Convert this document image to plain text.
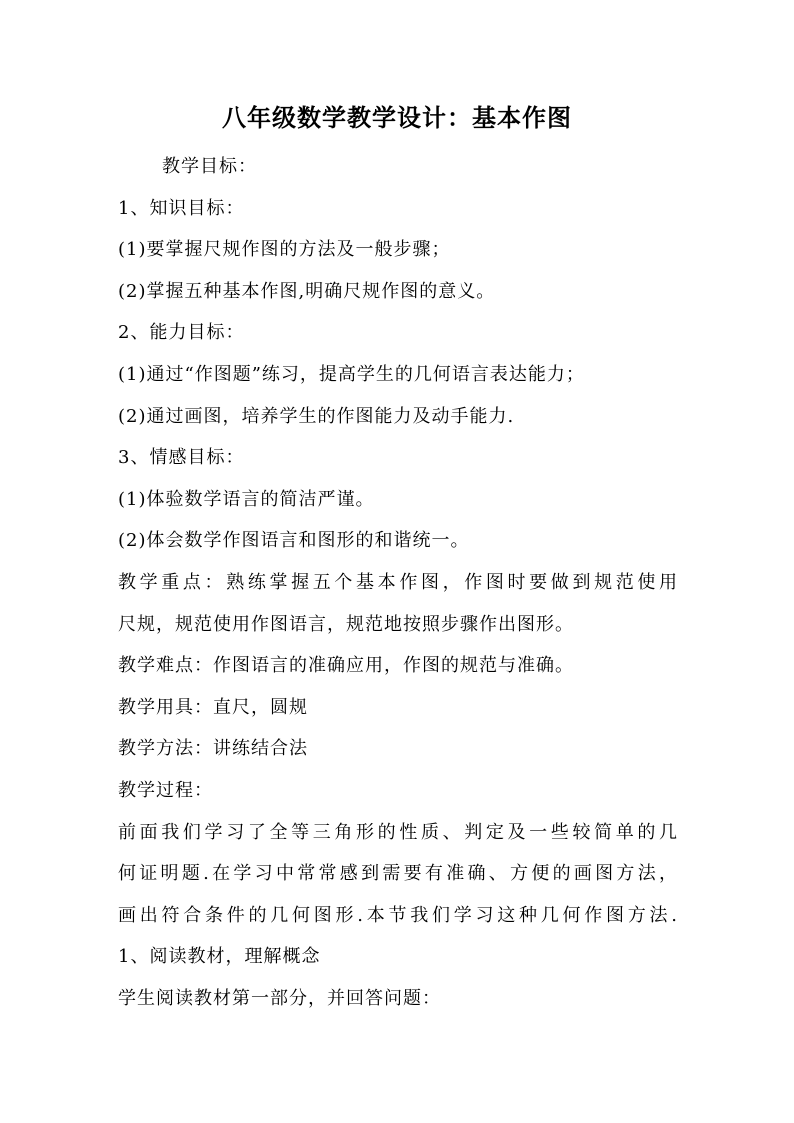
八年级数学教学设计：基本作图
教学目标：
1、知识目标：
(1)要掌握尺规作图的方法及一般步骤；
(2)掌握五种基本作图,明确尺规作图的意义。
2、能力目标：
(1)通过“作图题”练习，提高学生的几何语言表达能力；
(2)通过画图，培养学生的作图能力及动手能力.
3、情感目标：
(1)体验数学语言的简洁严谨。
(2)体会数学作图语言和图形的和谐统一。
教学重点：熟练掌握五个基本作图，作图时要做到规范使用
尺规，规范使用作图语言，规范地按照步骤作出图形。
教学难点：作图语言的准确应用，作图的规范与准确。
教学用具：直尺，圆规
教学方法：讲练结合法
教学过程：
前面我们学习了全等三角形的性质、判定及一些较简单的几
何证明题.在学习中常常感到需要有准确、方便的画图方法，
画出符合条件的几何图形.本节我们学习这种几何作图方法.
1、阅读教材，理解概念
学生阅读教材第一部分，并回答问题：
